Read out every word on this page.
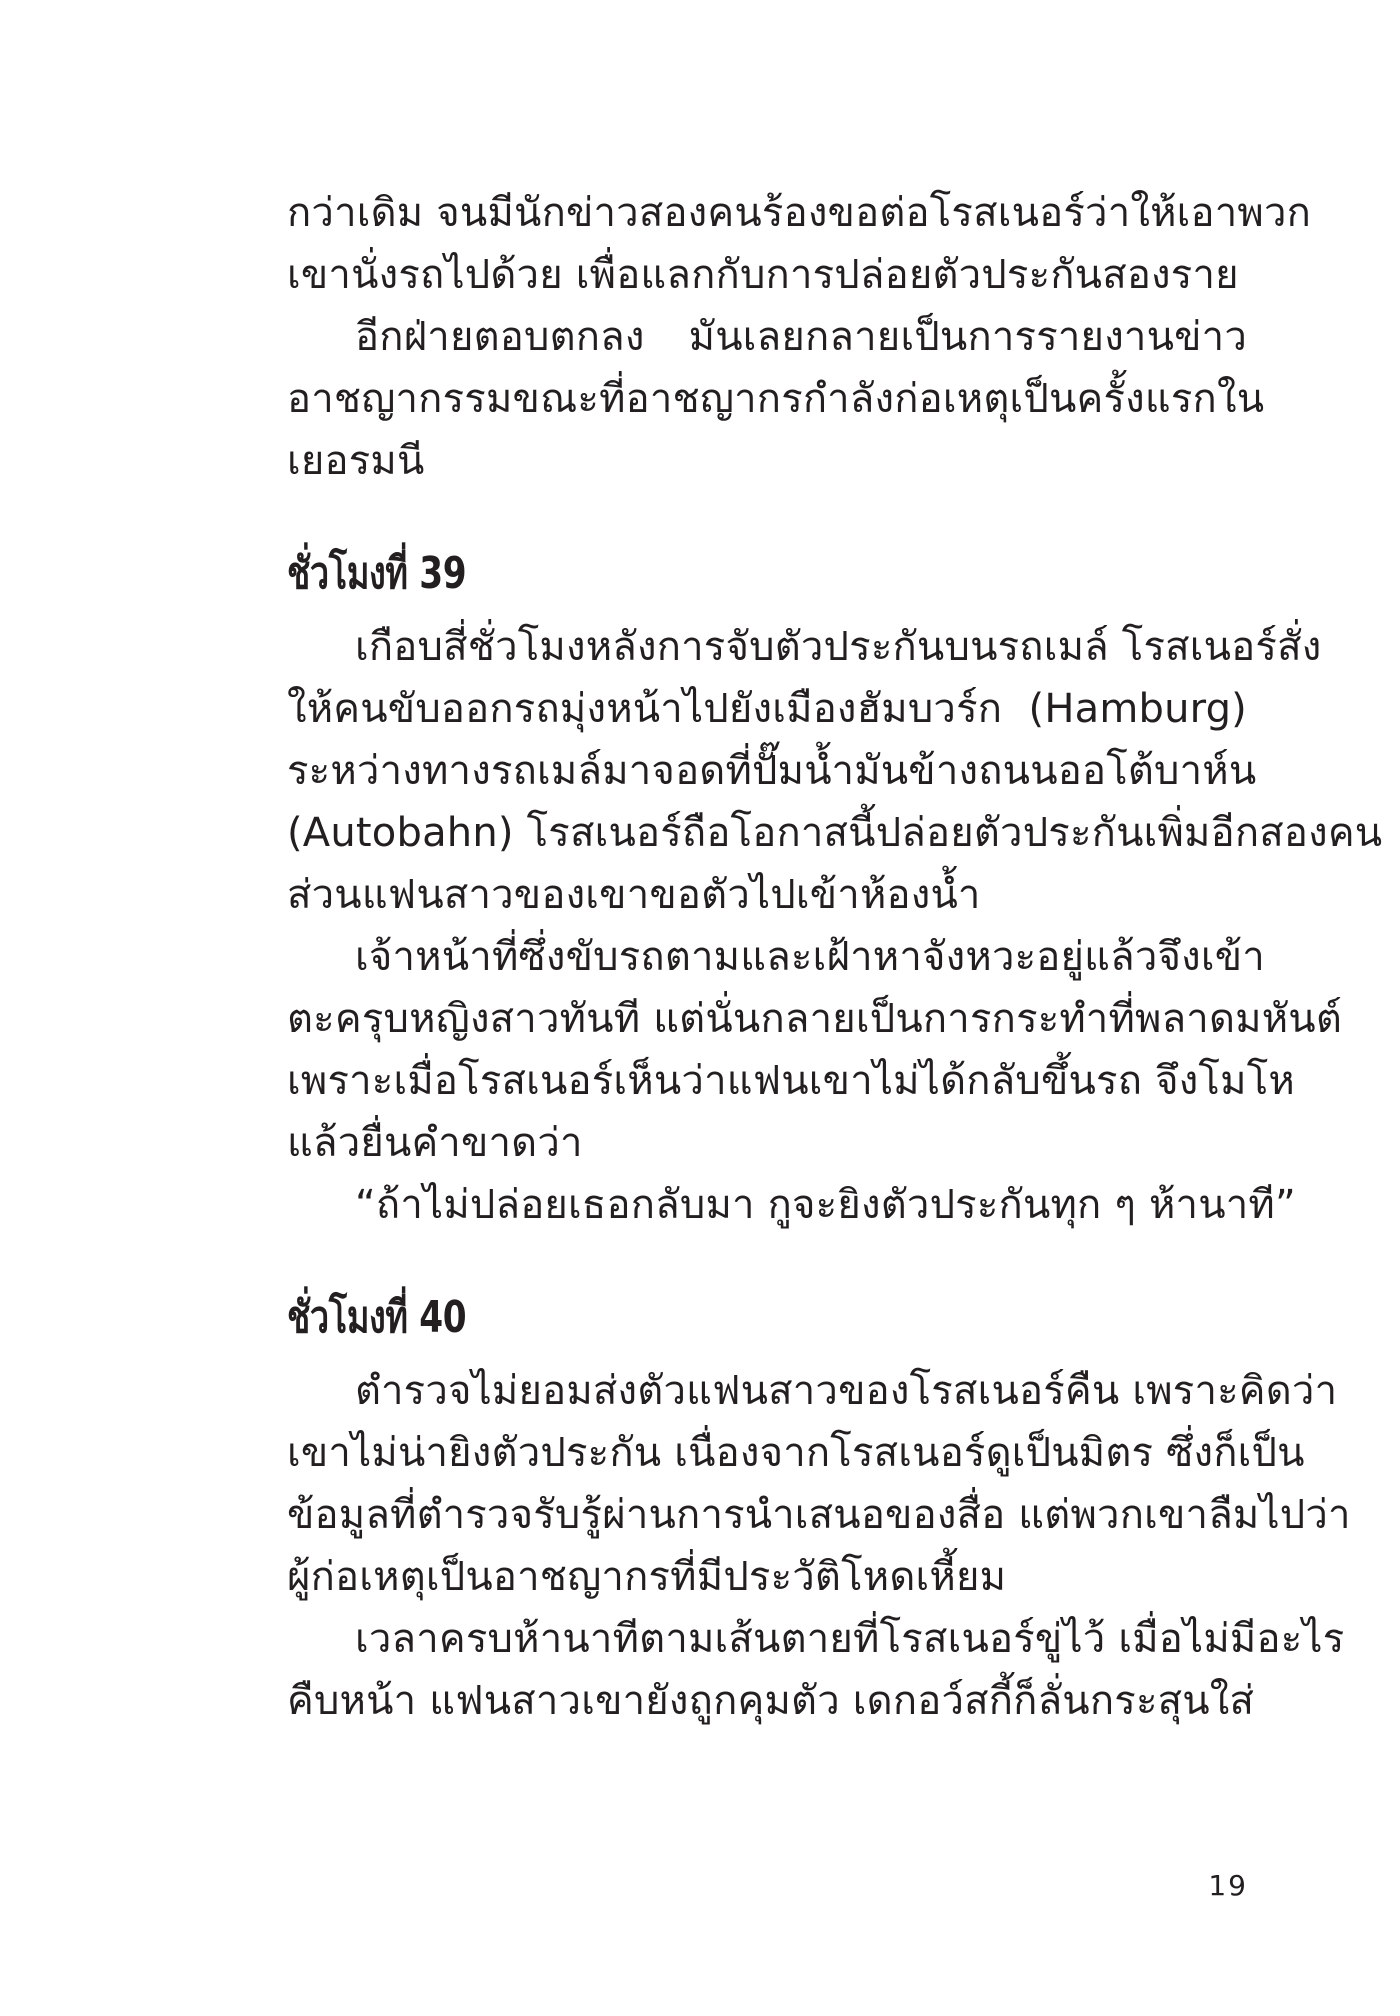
กว่าเดิม จนมีนักข่าวสองคนร้องขอต่อโรสเนอร์ว่าให้เอาพวก
เขานั่งรถไปด้วย เพื่อแลกกับการปล่อยตัวประกันสองราย
อีกฝ่ายตอบตกลง มันเลยกลายเป็นการรายงานข่าว
อาชญากรรมขณะที่อาชญากรกำลังก่อเหตุเป็นครั้งแรกใน
เยอรมนี
ชั่วโมงที่ 39
เกือบสี่ชั่วโมงหลังการจับตัวประกันบนรถเมล์ โรสเนอร์สั่ง
ให้คนขับออกรถมุ่งหน้าไปยังเมืองฮัมบวร์ก (Hamburg)
ระหว่างทางรถเมล์มาจอดที่ปั๊มน้ำมันข้างถนนออโต้บาห์น
(Autobahn) โรสเนอร์ถือโอกาสนี้ปล่อยตัวประกันเพิ่มอีกสองคน
ส่วนแฟนสาวของเขาขอตัวไปเข้าห้องน้ำ
เจ้าหน้าที่ซึ่งขับรถตามและเฝ้าหาจังหวะอยู่แล้วจึงเข้า
ตะครุบหญิงสาวทันที แต่นั่นกลายเป็นการกระทำที่พลาดมหันต์
เพราะเมื่อโรสเนอร์เห็นว่าแฟนเขาไม่ได้กลับขึ้นรถ จึงโมโห
แล้วยื่นคำขาดว่า
“ถ้าไม่ปล่อยเธอกลับมา กูจะยิงตัวประกันทุก ๆ ห้านาที”
ชั่วโมงที่ 40
ตำรวจไม่ยอมส่งตัวแฟนสาวของโรสเนอร์คืน เพราะคิดว่า
เขาไม่น่ายิงตัวประกัน เนื่องจากโรสเนอร์ดูเป็นมิตร ซึ่งก็เป็น
ข้อมูลที่ตำรวจรับรู้ผ่านการนำเสนอของสื่อ แต่พวกเขาลืมไปว่า
ผู้ก่อเหตุเป็นอาชญากรที่มีประวัติโหดเหี้ยม
เวลาครบห้านาทีตามเส้นตายที่โรสเนอร์ขู่ไว้ เมื่อไม่มีอะไร
คืบหน้า แฟนสาวเขายังถูกคุมตัว เดกอว์สกี้ก็ลั่นกระสุนใส่
19
